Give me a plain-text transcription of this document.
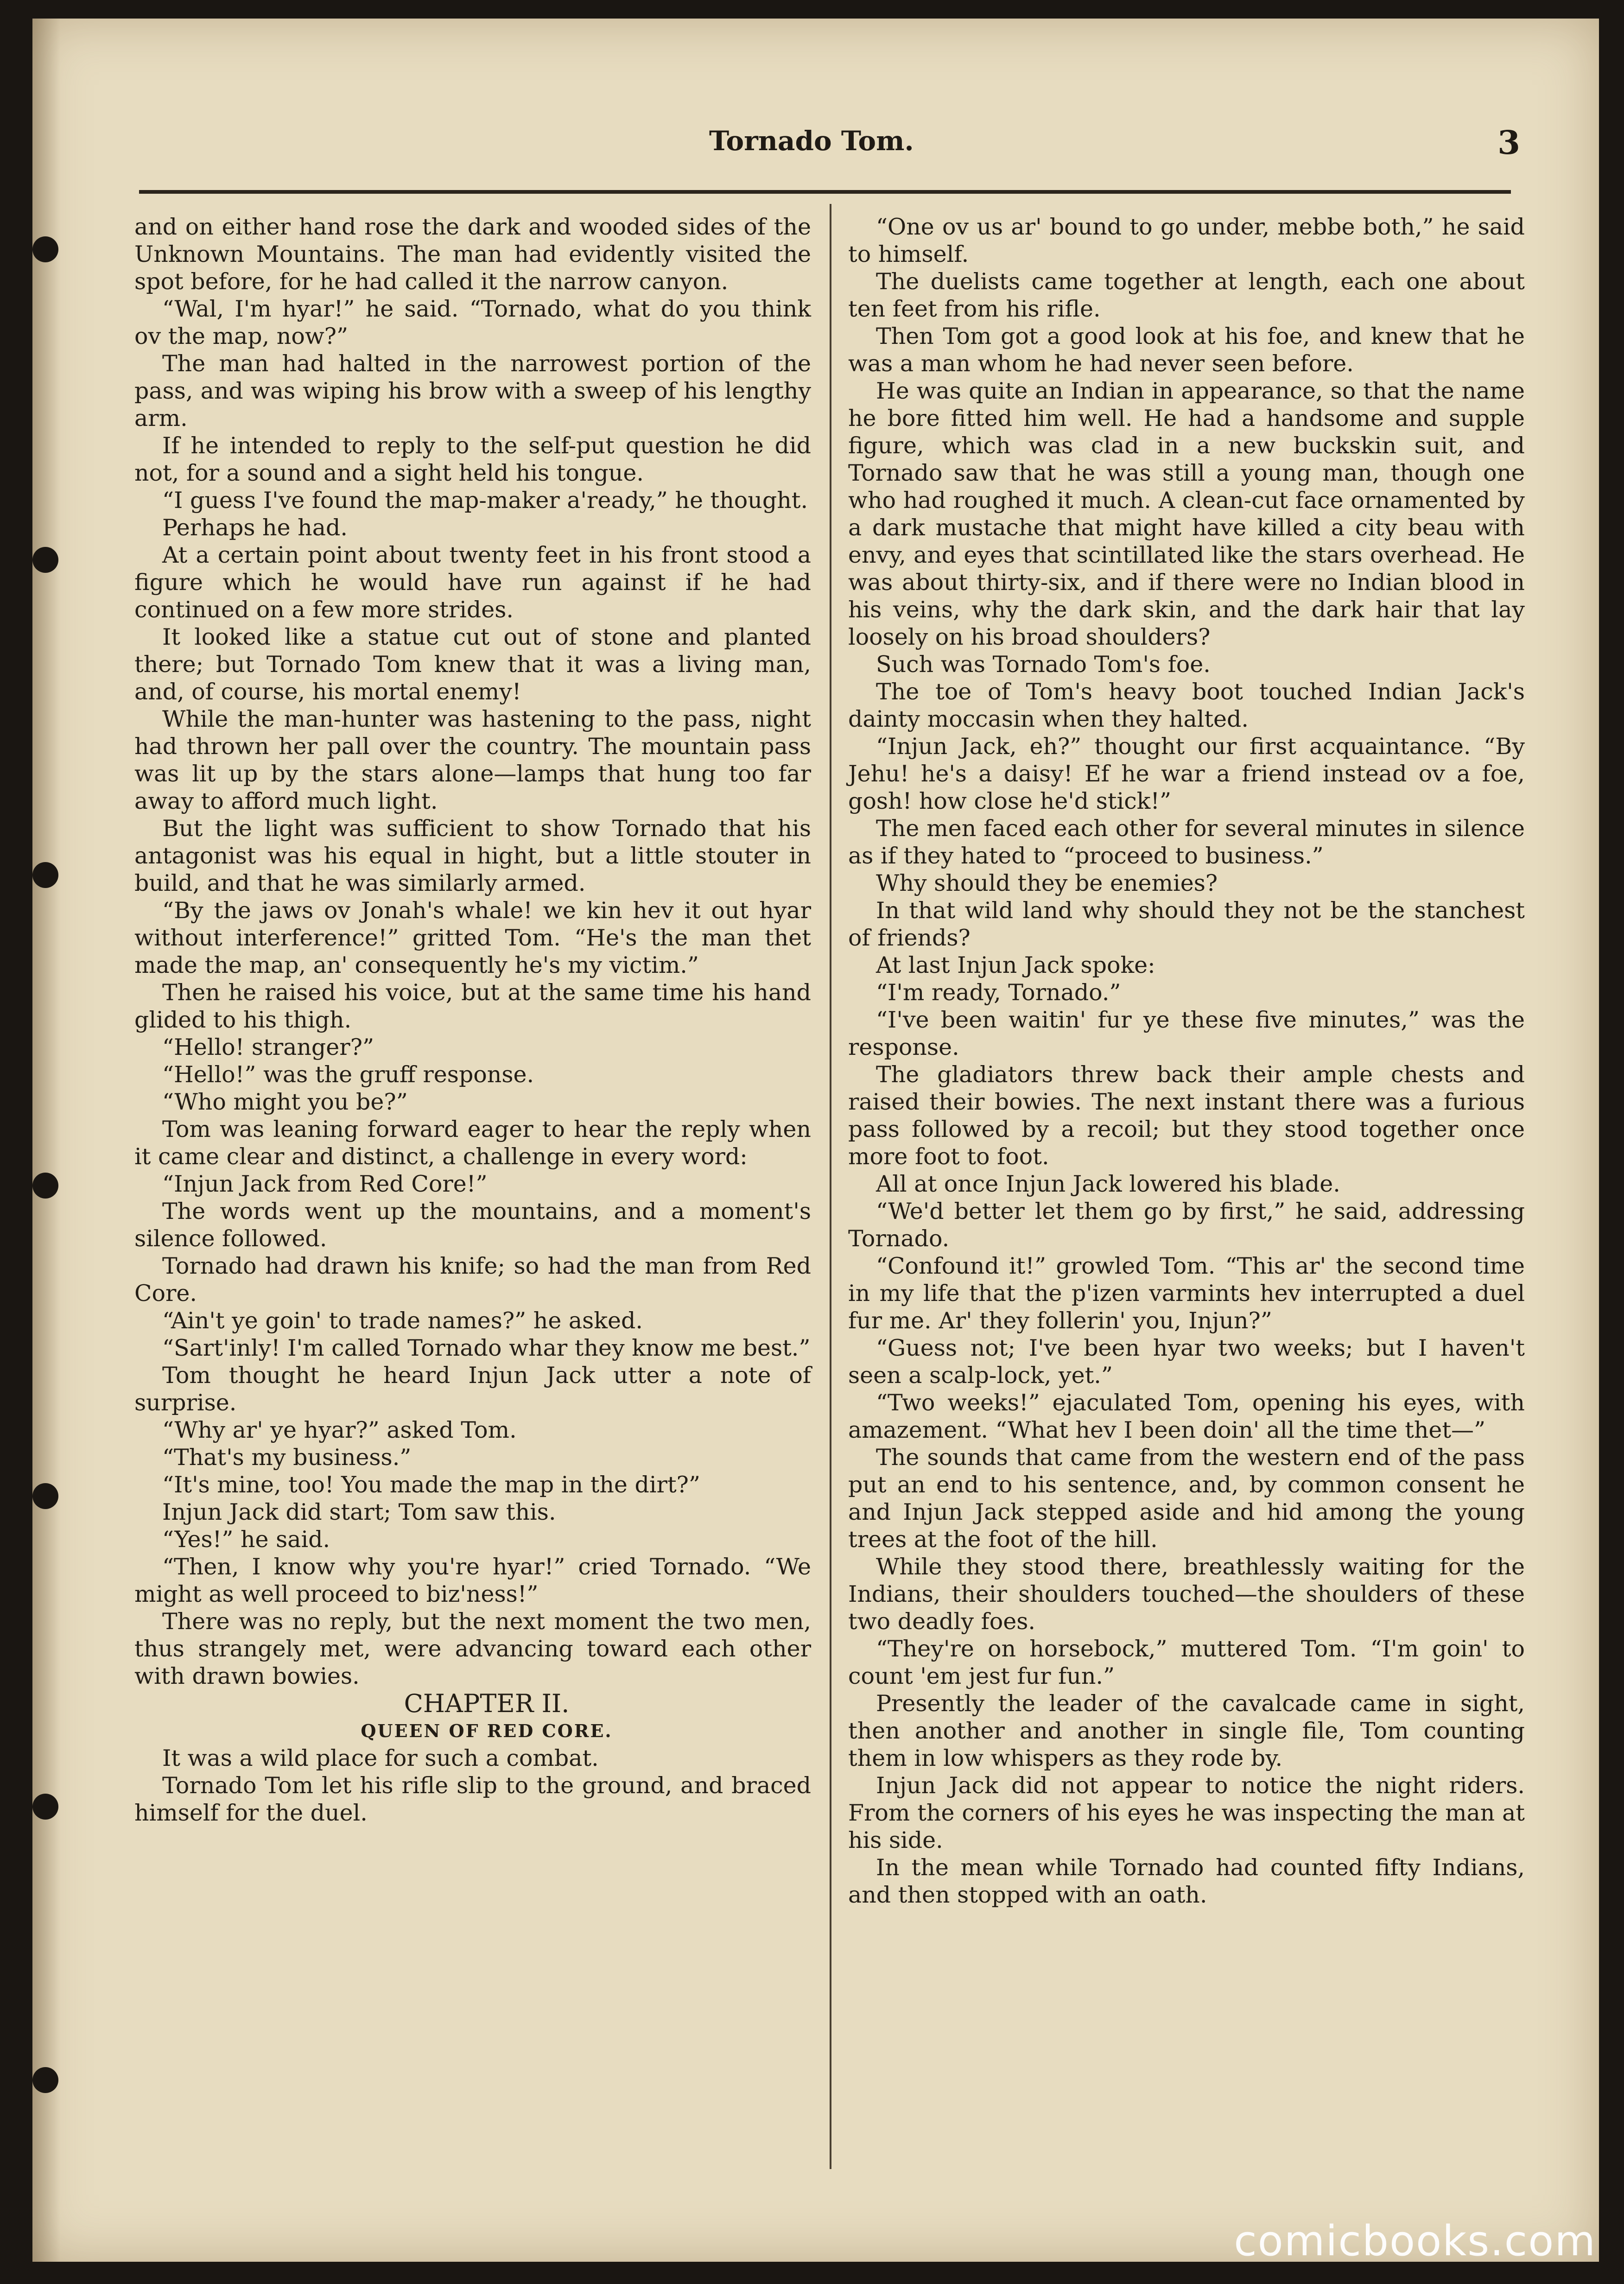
Tornado Tom.	3

and on either hand rose the dark and wooded sides of the Unknown Mountains. The man had evidently visited the spot before, for he had called it the narrow canyon.

“Wal, I'm hyar!” he said. “Tornado, what do you think ov the map, now?”

The man had halted in the narrowest portion of the pass, and was wiping his brow with a sweep of his lengthy arm.

If he intended to reply to the self-put question he did not, for a sound and a sight held his tongue.

“I guess I've found the map-maker a'ready,” he thought.

Perhaps he had.

At a certain point about twenty feet in his front stood a figure which he would have run against if he had continued on a few more strides.

It looked like a statue cut out of stone and planted there; but Tornado Tom knew that it was a living man, and, of course, his mortal enemy!

While the man-hunter was hastening to the pass, night had thrown her pall over the country. The mountain pass was lit up by the stars alone—lamps that hung too far away to afford much light.

But the light was sufficient to show Tornado that his antagonist was his equal in hight, but a little stouter in build, and that he was similarly armed.

“By the jaws ov Jonah's whale! we kin hev it out hyar without interference!” gritted Tom. “He's the man thet made the map, an' consequently he's my victim.”

Then he raised his voice, but at the same time his hand glided to his thigh.

“Hello! stranger?”

“Hello!” was the gruff response.

“Who might you be?”

Tom was leaning forward eager to hear the reply when it came clear and distinct, a challenge in every word:

“Injun Jack from Red Core!”

The words went up the mountains, and a moment's silence followed.

Tornado had drawn his knife; so had the man from Red Core.

“Ain't ye goin' to trade names?” he asked.

“Sart'inly! I'm called Tornado whar they know me best.”

Tom thought he heard Injun Jack utter a note of surprise.

“Why ar' ye hyar?” asked Tom.

“That's my business.”

“It's mine, too! You made the map in the dirt?”

Injun Jack did start; Tom saw this.

“Yes!” he said.

“Then, I know why you're hyar!” cried Tornado. “We might as well proceed to biz'ness!”

There was no reply, but the next moment the two men, thus strangely met, were advancing toward each other with drawn bowies.

CHAPTER II.

QUEEN OF RED CORE.

It was a wild place for such a combat.

Tornado Tom let his rifle slip to the ground, and braced himself for the duel.

“One ov us ar' bound to go under, mebbe both,” he said to himself.

The duelists came together at length, each one about ten feet from his rifle.

Then Tom got a good look at his foe, and knew that he was a man whom he had never seen before.

He was quite an Indian in appearance, so that the name he bore fitted him well. He had a handsome and supple figure, which was clad in a new buckskin suit, and Tornado saw that he was still a young man, though one who had roughed it much. A clean-cut face ornamented by a dark mustache that might have killed a city beau with envy, and eyes that scintillated like the stars overhead. He was about thirty-six, and if there were no Indian blood in his veins, why the dark skin, and the dark hair that lay loosely on his broad shoulders?

Such was Tornado Tom's foe.

The toe of Tom's heavy boot touched Indian Jack's dainty moccasin when they halted.

“Injun Jack, eh?” thought our first acquaintance. “By Jehu! he's a daisy! Ef he war a friend instead ov a foe, gosh! how close he'd stick!”

The men faced each other for several minutes in silence as if they hated to “proceed to business.”

Why should they be enemies?

In that wild land why should they not be the stanchest of friends?

At last Injun Jack spoke:

“I'm ready, Tornado.”

“I've been waitin' fur ye these five minutes,” was the response.

The gladiators threw back their ample chests and raised their bowies. The next instant there was a furious pass followed by a recoil; but they stood together once more foot to foot.

All at once Injun Jack lowered his blade.

“We'd better let them go by first,” he said, addressing Tornado.

“Confound it!” growled Tom. “This ar' the second time in my life that the p'izen varmints hev interrupted a duel fur me. Ar' they follerin' you, Injun?”

“Guess not; I've been hyar two weeks; but I haven't seen a scalp-lock, yet.”

“Two weeks!” ejaculated Tom, opening his eyes, with amazement. “What hev I been doin' all the time thet—”

The sounds that came from the western end of the pass put an end to his sentence, and, by common consent he and Injun Jack stepped aside and hid among the young trees at the foot of the hill.

While they stood there, breathlessly waiting for the Indians, their shoulders touched—the shoulders of these two deadly foes.

“They're on horsebock,” muttered Tom. “I'm goin' to count 'em jest fur fun.”

Presently the leader of the cavalcade came in sight, then another and another in single file, Tom counting them in low whispers as they rode by.

Injun Jack did not appear to notice the night riders. From the corners of his eyes he was inspecting the man at his side.

In the mean while Tornado had counted fifty Indians, and then stopped with an oath.

comicbooks.com
